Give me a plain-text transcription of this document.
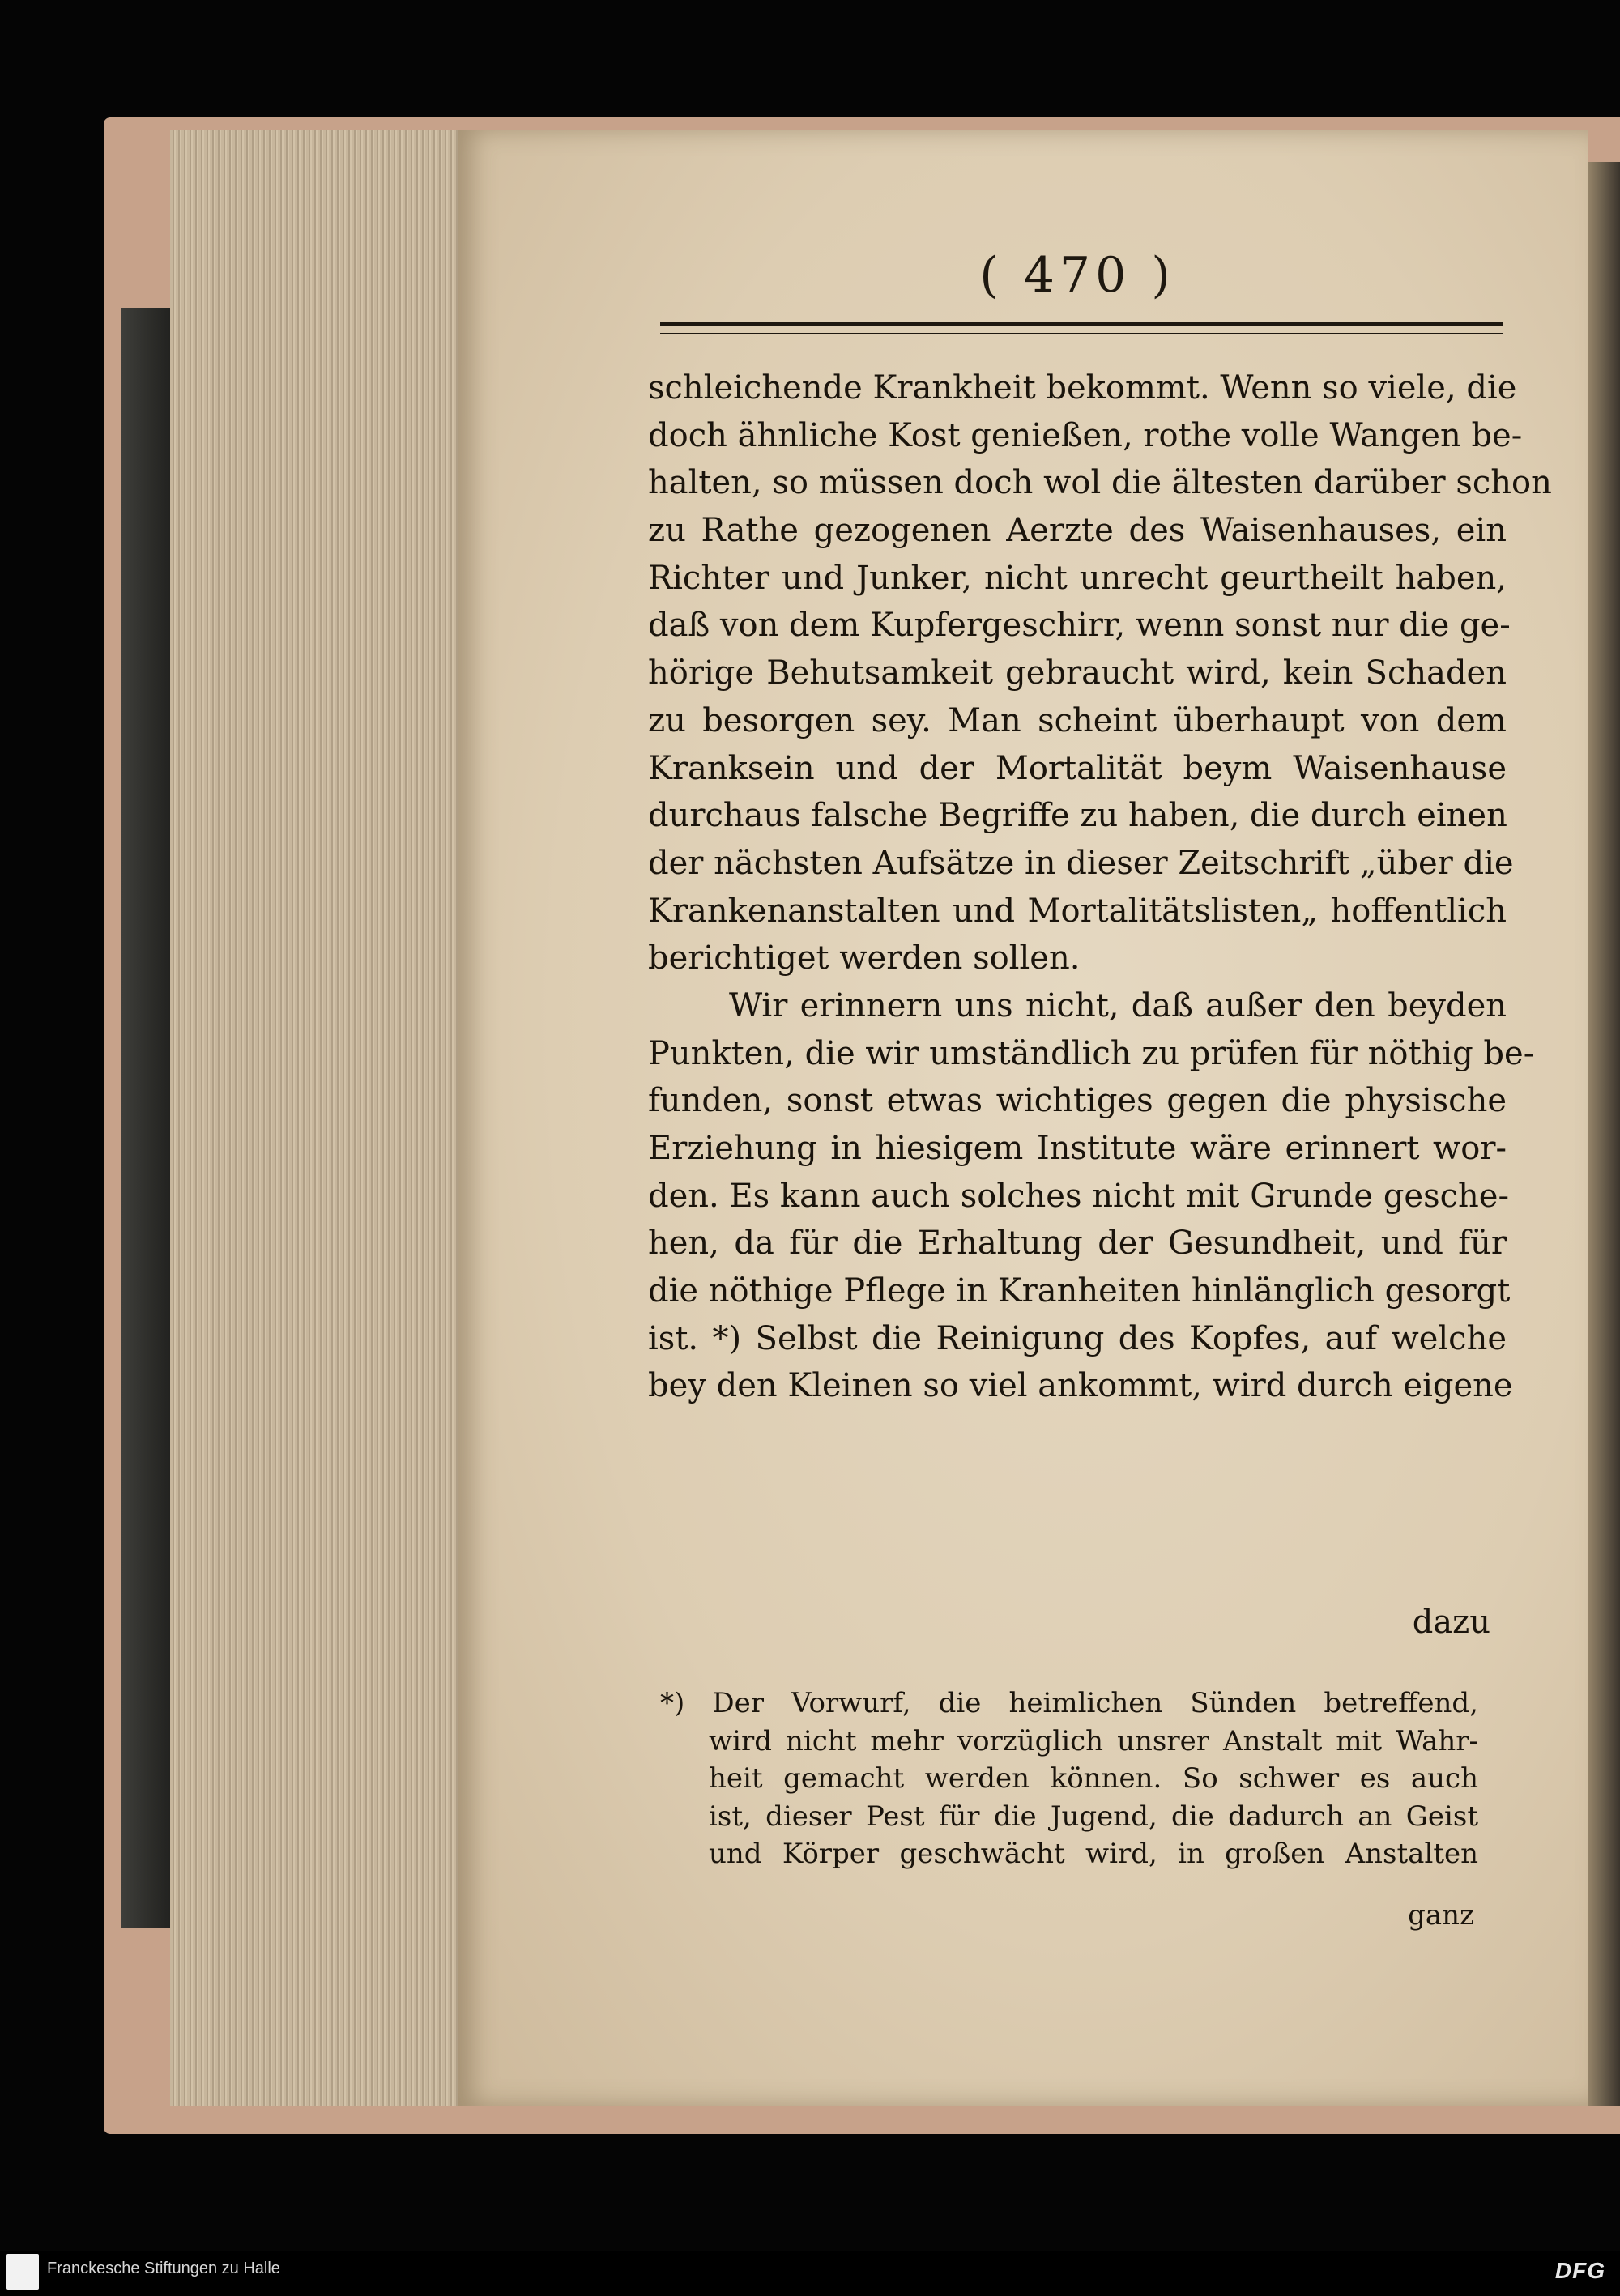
( 470 )
schleichende Krankheit bekommt. Wenn so viele, die
doch ähnliche Kost genießen, rothe volle Wangen be-
halten, so müssen doch wol die ältesten darüber schon
zu Rathe gezogenen Aerzte des Waisenhauses, ein
Richter und Junker, nicht unrecht geurtheilt haben,
daß von dem Kupfergeschirr, wenn sonst nur die ge-
hörige Behutsamkeit gebraucht wird, kein Schaden
zu besorgen sey. Man scheint überhaupt von dem
Kranksein und der Mortalität beym Waisenhause
durchaus falsche Begriffe zu haben, die durch einen
der nächsten Aufsätze in dieser Zeitschrift „über die
Krankenanstalten und Mortalitätslisten„ hoffentlich
berichtiget werden sollen.
Wir erinnern uns nicht, daß außer den beyden
Punkten, die wir umständlich zu prüfen für nöthig be-
funden, sonst etwas wichtiges gegen die physische
Erziehung in hiesigem Institute wäre erinnert wor-
den. Es kann auch solches nicht mit Grunde gesche-
hen, da für die Erhaltung der Gesundheit, und für
die nöthige Pflege in Kranheiten hinlänglich gesorgt
ist. *) Selbst die Reinigung des Kopfes, auf welche
bey den Kleinen so viel ankommt, wird durch eigene
dazu
*) Der Vorwurf, die heimlichen Sünden betreffend,
wird nicht mehr vorzüglich unsrer Anstalt mit Wahr-
heit gemacht werden können. So schwer es auch
ist, dieser Pest für die Jugend, die dadurch an Geist
und Körper geschwächt wird, in großen Anstalten
ganz
Franckesche Stiftungen zu Halle	DFG
